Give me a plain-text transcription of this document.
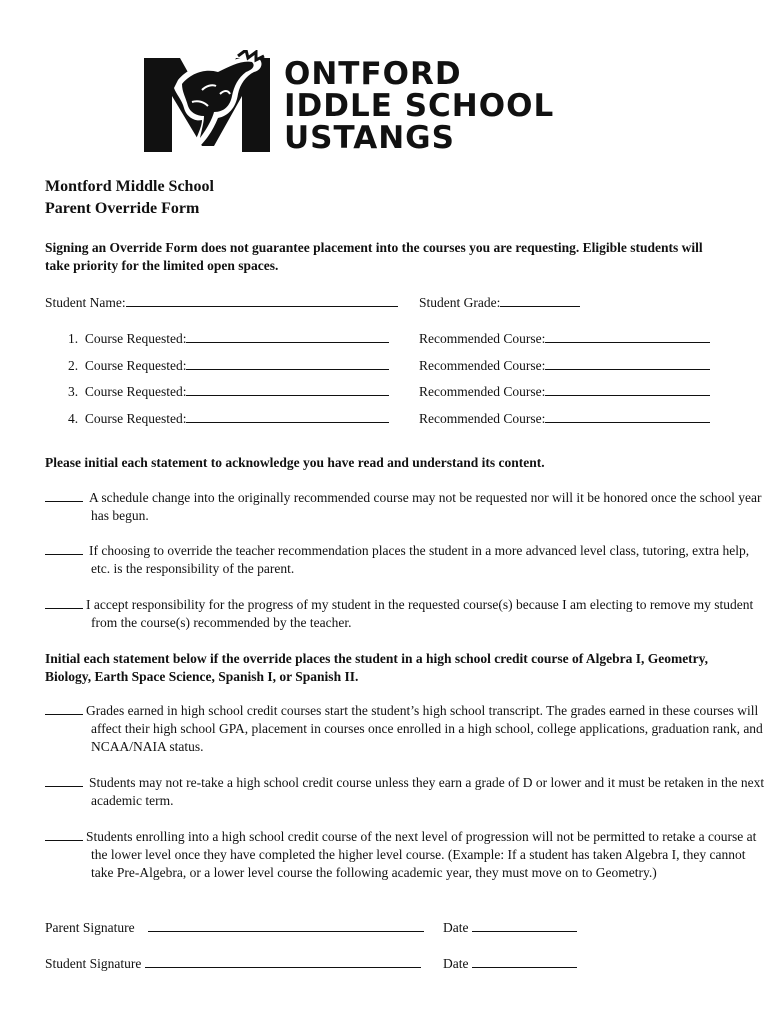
ONTFORD
IDDLE SCHOOL
USTANGS
Montford Middle School
Parent Override Form
Signing an Override Form does not guarantee placement into the courses you are requesting. Eligible students will take priority for the limited open spaces.
Student Name:	Student Grade:
1. Course Requested:	Recommended Course:
2. Course Requested:	Recommended Course:
3. Course Requested:	Recommended Course:
4. Course Requested:	Recommended Course:
Please initial each statement to acknowledge you have read and understand its content.
A schedule change into the originally recommended course may not be requested nor will it be honored once the school year has begun.
If choosing to override the teacher recommendation places the student in a more advanced level class, tutoring, extra help, etc. is the responsibility of the parent.
I accept responsibility for the progress of my student in the requested course(s) because I am electing to remove my student from the course(s) recommended by the teacher.
Initial each statement below if the override places the student in a high school credit course of Algebra I, Geometry, Biology, Earth Space Science, Spanish I, or Spanish II.
Grades earned in high school credit courses start the student’s high school transcript. The grades earned in these courses will affect their high school GPA, placement in courses once enrolled in a high school, college applications, graduation rank, and NCAA/NAIA status.
Students may not re-take a high school credit course unless they earn a grade of D or lower and it must be retaken in the next academic term.
Students enrolling into a high school credit course of the next level of progression will not be permitted to retake a course at the lower level once they have completed the higher level course. (Example: If a student has taken Algebra I, they cannot take Pre-Algebra, or a lower level course the following academic year, they must move on to Geometry.)
Parent Signature	Date
Student Signature	Date
